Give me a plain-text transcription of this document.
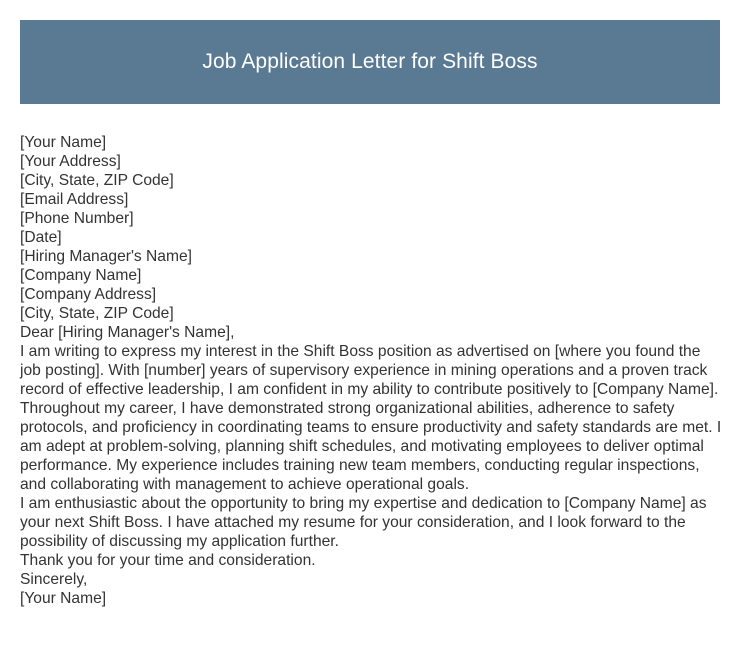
Job Application Letter for Shift Boss
[Your Name]
[Your Address]
[City, State, ZIP Code]
[Email Address]
[Phone Number]
[Date]
[Hiring Manager's Name]
[Company Name]
[Company Address]
[City, State, ZIP Code]
Dear [Hiring Manager's Name],
I am writing to express my interest in the Shift Boss position as advertised on [where you found the job posting]. With [number] years of supervisory experience in mining operations and a proven track record of effective leadership, I am confident in my ability to contribute positively to [Company Name].
Throughout my career, I have demonstrated strong organizational abilities, adherence to safety protocols, and proficiency in coordinating teams to ensure productivity and safety standards are met. I am adept at problem-solving, planning shift schedules, and motivating employees to deliver optimal performance. My experience includes training new team members, conducting regular inspections, and collaborating with management to achieve operational goals.
I am enthusiastic about the opportunity to bring my expertise and dedication to [Company Name] as your next Shift Boss. I have attached my resume for your consideration, and I look forward to the possibility of discussing my application further.
Thank you for your time and consideration.
Sincerely,
[Your Name]
